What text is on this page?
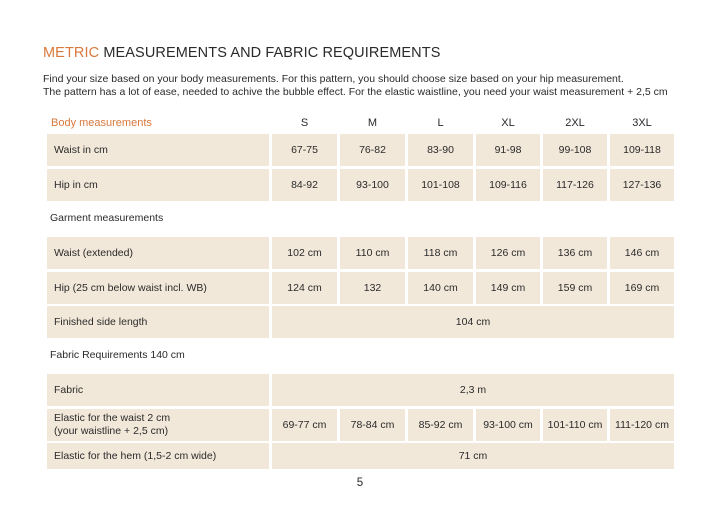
METRIC MEASUREMENTS AND FABRIC REQUIREMENTS
Find your size based on your body measurements. For this pattern, you should choose size based on your hip measurement.
The pattern has a lot of ease, needed to achive the bubble effect. For the elastic waistline, you need your waist measurement + 2,5 cm
Body measurements	S	M	L	XL	2XL	3XL
Waist in cm	67-75	76-82	83-90	91-98	99-108	109-118
Hip in cm	84-92	93-100	101-108	109-116	117-126	127-136
Garment measurements
Waist (extended)	102 cm	110 cm	118 cm	126 cm	136 cm	146 cm
Hip (25 cm below waist incl. WB)	124 cm	132	140 cm	149 cm	159 cm	169 cm
Finished side length	104 cm
Fabric Requirements 140 cm
Fabric	2,3 m
Elastic for the waist 2 cm
(your waistline + 2,5 cm)	69-77 cm	78-84 cm	85-92 cm	93-100 cm	101-110 cm	111-120 cm
Elastic for the hem (1,5-2 cm wide)	71 cm
5
